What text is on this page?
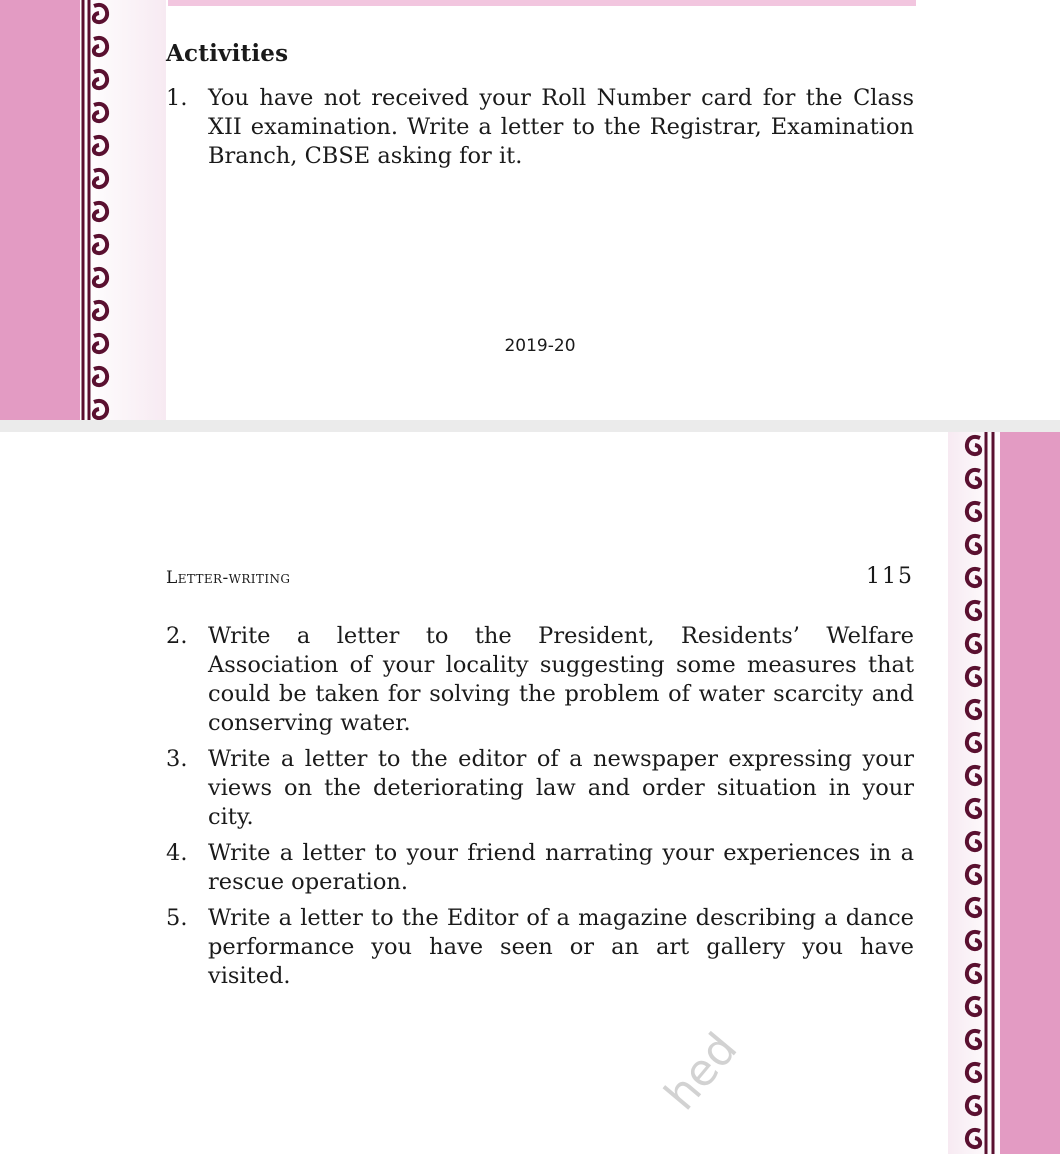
Activities
1. You have not received your Roll Number card for the Class XII examination. Write a letter to the Registrar, Examination Branch, CBSE asking for it.
2019-20
Letter-writing	115
2. Write a letter to the President, Residents’ Welfare Association of your locality suggesting some measures that could be taken for solving the problem of water scarcity and conserving water.
3. Write a letter to the editor of a newspaper expressing your views on the deteriorating law and order situation in your city.
4. Write a letter to your friend narrating your experiences in a rescue operation.
5. Write a letter to the Editor of a magazine describing a dance performance you have seen or an art gallery you have visited.
hed
